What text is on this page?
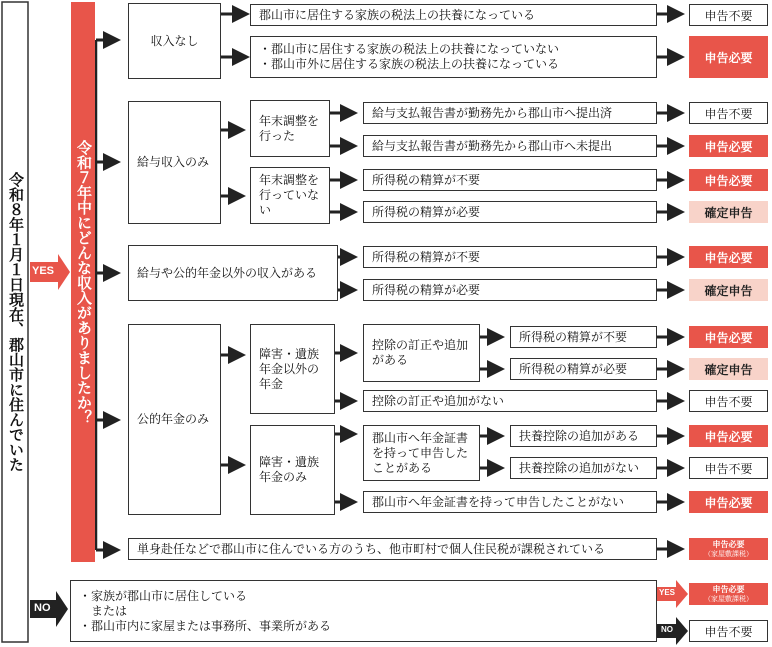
令和８年１月１日現在、郡山市に住んでいた YES
NO
令和７年中にどんな収入がありましたか？
収入なし
給与収入のみ
給与や公的年金以外の収入がある
公的年金のみ
郡山市に居住する家族の税法上の扶養になっている
・郡山市に居住する家族の税法上の扶養になっていない
・郡山市外に居住する家族の税法上の扶養になっている
年末調整を行った
年末調整を行っていない
給与支払報告書が勤務先から郡山市へ提出済
給与支払報告書が勤務先から郡山市へ未提出
所得税の精算が不要
所得税の精算が必要
所得税の精算が不要
所得税の精算が必要
障害・遺族年金以外の年金
障害・遺族年金のみ
控除の訂正や追加がある
控除の訂正や追加がない
郡山市へ年金証書を持って申告したことがある
郡山市へ年金証書を持って申告したことがない
所得税の精算が不要
所得税の精算が必要
扶養控除の追加がある
扶養控除の追加がない
単身赴任などで郡山市に住んでいる方のうち、他市町村で個人住民税が課税されている
・家族が郡山市に居住している
または
・郡山市内に家屋または事務所、事業所がある
YES
NO
申告不要
申告必要
申告不要
申告必要
申告必要
確定申告
申告必要
確定申告
申告必要
確定申告
申告不要
申告必要
申告不要
申告必要
申告必要
（家屋敷課税）
申告必要
（家屋敷課税）
申告不要
